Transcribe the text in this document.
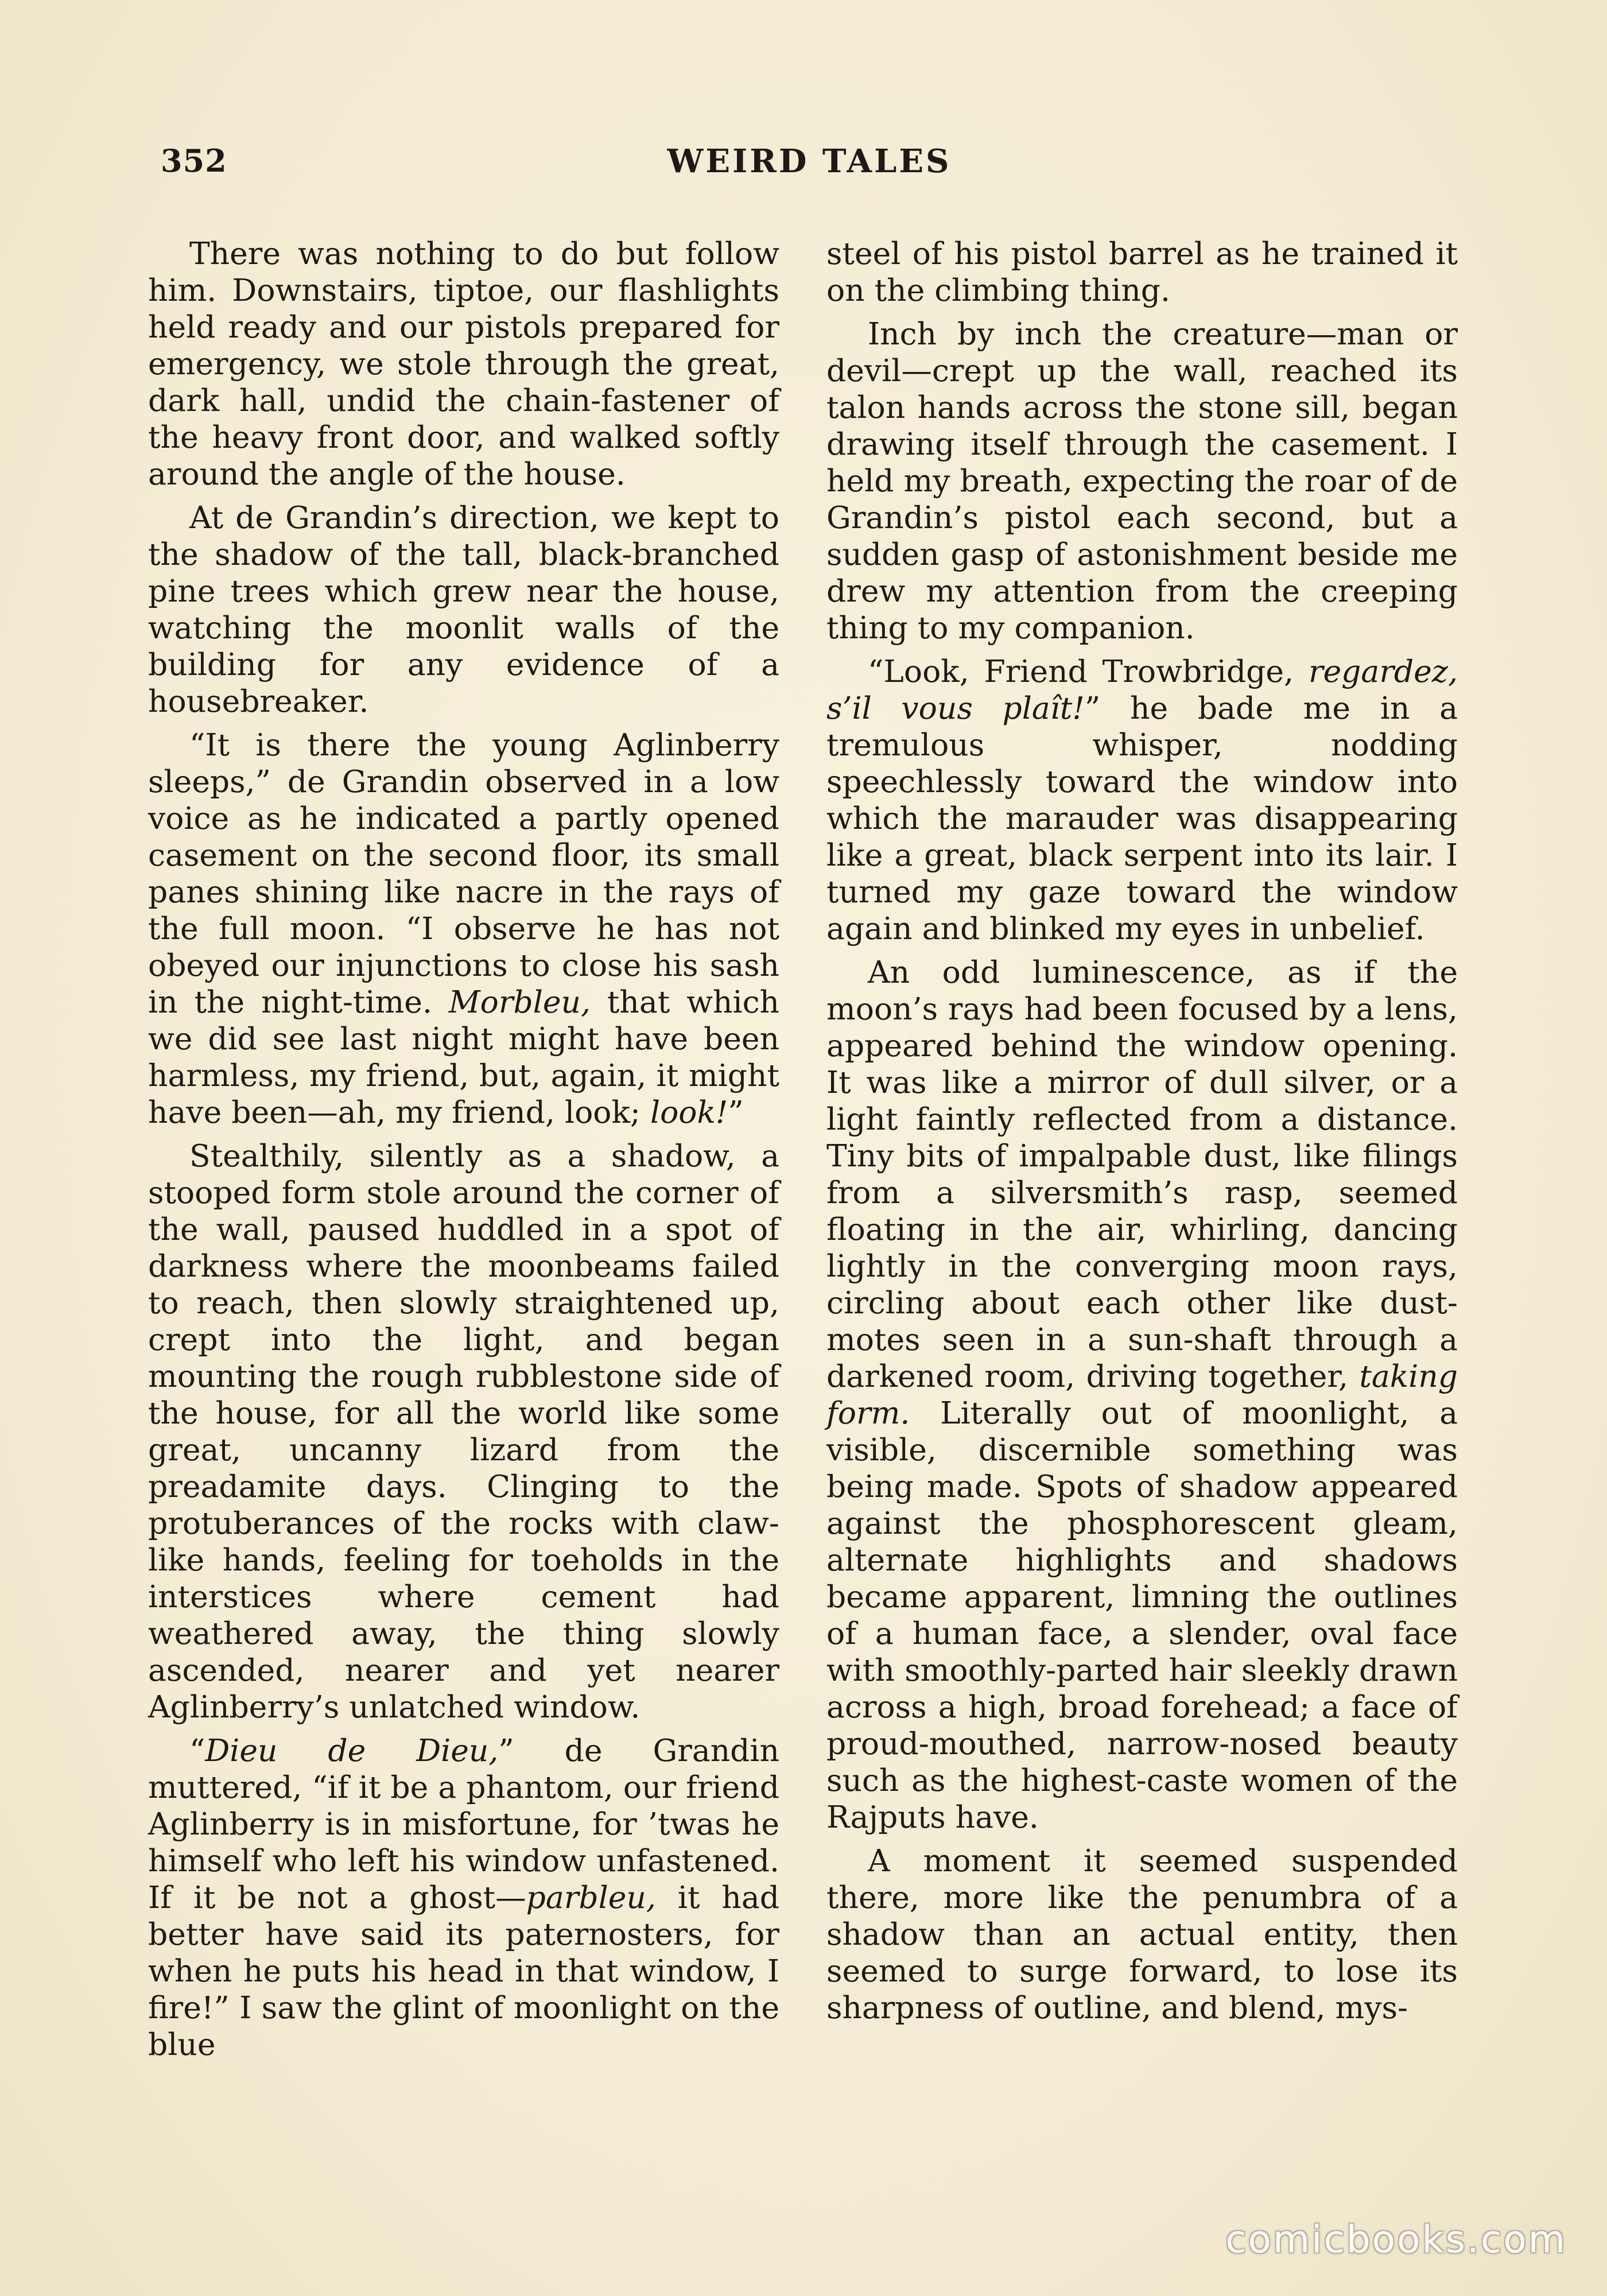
352	WEIRD TALES

There was nothing to do but follow him. Downstairs, tiptoe, our flashlights held ready and our pistols prepared for emergency, we stole through the great, dark hall, undid the chain-fastener of the heavy front door, and walked softly around the angle of the house.

At de Grandin’s direction, we kept to the shadow of the tall, black-branched pine trees which grew near the house, watching the moonlit walls of the building for any evidence of a housebreaker.

“It is there the young Aglinberry sleeps,” de Grandin observed in a low voice as he indicated a partly opened casement on the second floor, its small panes shining like nacre in the rays of the full moon. “I observe he has not obeyed our injunctions to close his sash in the night-time. Morbleu, that which we did see last night might have been harmless, my friend, but, again, it might have been—ah, my friend, look; look!”

Stealthily, silently as a shadow, a stooped form stole around the corner of the wall, paused huddled in a spot of darkness where the moonbeams failed to reach, then slowly straightened up, crept into the light, and began mounting the rough rubblestone side of the house, for all the world like some great, uncanny lizard from the preadamite days. Clinging to the protuberances of the rocks with claw-like hands, feeling for toeholds in the interstices where cement had weathered away, the thing slowly ascended, nearer and yet nearer Aglinberry’s unlatched window.

“Dieu de Dieu,” de Grandin muttered, “if it be a phantom, our friend Aglinberry is in misfortune, for ’twas he himself who left his window unfastened. If it be not a ghost—parbleu, it had better have said its paternosters, for when he puts his head in that window, I fire!” I saw the glint of moonlight on the blue

steel of his pistol barrel as he trained it on the climbing thing.

Inch by inch the creature—man or devil—crept up the wall, reached its talon hands across the stone sill, began drawing itself through the casement. I held my breath, expecting the roar of de Grandin’s pistol each second, but a sudden gasp of astonishment beside me drew my attention from the creeping thing to my companion.

“Look, Friend Trowbridge, regardez, s’il vous plaît!” he bade me in a tremulous whisper, nodding speechlessly toward the window into which the marauder was disappearing like a great, black serpent into its lair. I turned my gaze toward the window again and blinked my eyes in unbelief.

An odd luminescence, as if the moon’s rays had been focused by a lens, appeared behind the window opening. It was like a mirror of dull silver, or a light faintly reflected from a distance. Tiny bits of impalpable dust, like filings from a silversmith’s rasp, seemed floating in the air, whirling, dancing lightly in the converging moon rays, circling about each other like dust-motes seen in a sun-shaft through a darkened room, driving together, taking form. Literally out of moonlight, a visible, discernible something was being made. Spots of shadow appeared against the phosphorescent gleam, alternate highlights and shadows became apparent, limning the outlines of a human face, a slender, oval face with smoothly-parted hair sleekly drawn across a high, broad forehead; a face of proud-mouthed, narrow-nosed beauty such as the highest-caste women of the Rajputs have.

A moment it seemed suspended there, more like the penumbra of a shadow than an actual entity, then seemed to surge forward, to lose its sharpness of outline, and blend, mys-

comicbooks.com
